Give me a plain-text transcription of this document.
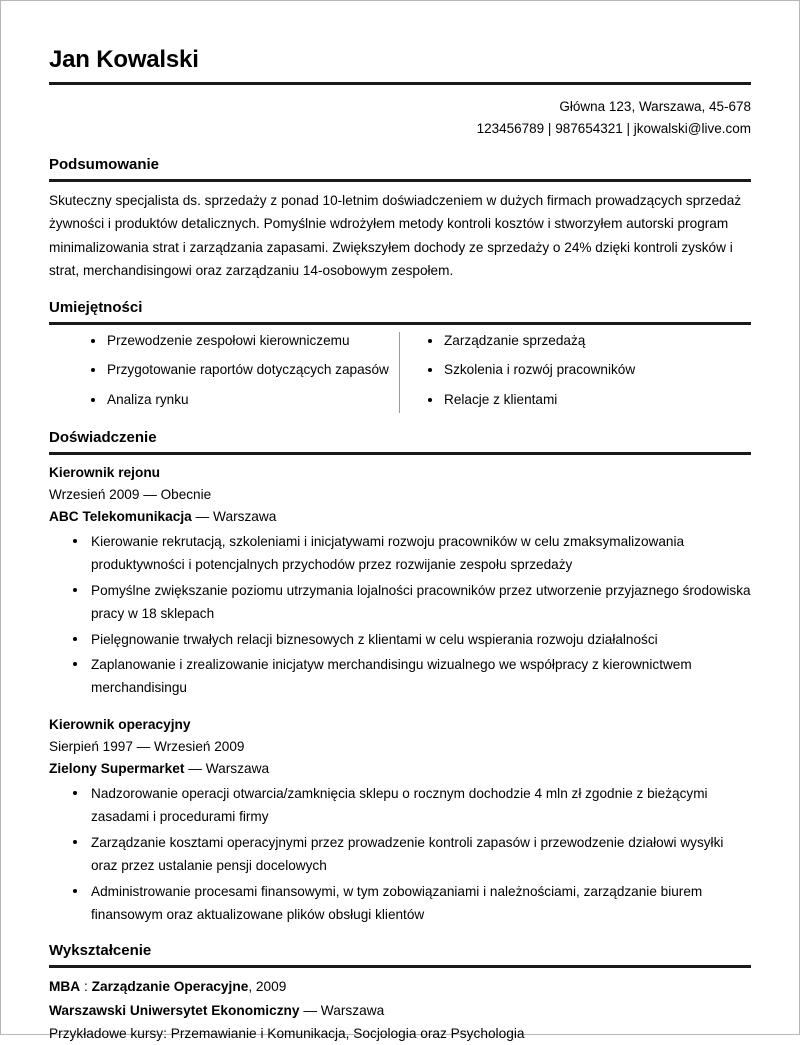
Jan Kowalski
Główna 123, Warszawa, 45-678
123456789 | 987654321 | jkowalski@live.com
Podsumowanie

Skuteczny specjalista ds. sprzedaży z ponad 10-letnim doświadczeniem w dużych firmach prowadzących sprzedaż żywności i produktów detalicznych. Pomyślnie wdrożyłem metody kontroli kosztów i stworzyłem autorski program minimalizowania strat i zarządzania zapasami. Zwiększyłem dochody ze sprzedaży o 24% dzięki kontroli zysków i strat, merchandisingowi oraz zarządzaniu 14-osobowym zespołem.

Umiejętności
Przewodzenie zespołowi kierowniczemu
Przygotowanie raportów dotyczących zapasów
Analiza rynku
Zarządzanie sprzedażą
Szkolenia i rozwój pracowników
Relacje z klientami
Doświadczenie

Kierownik rejonu

Wrzesień 2009 — Obecnie

ABC Telekomunikacja — Warszawa

Kierowanie rekrutacją, szkoleniami i inicjatywami rozwoju pracowników w celu zmaksymalizowania produktywności i potencjalnych przychodów przez rozwijanie zespołu sprzedaży
Pomyślne zwiększanie poziomu utrzymania lojalności pracowników przez utworzenie przyjaznego środowiska pracy w 18 sklepach
Pielęgnowanie trwałych relacji biznesowych z klientami w celu wspierania rozwoju działalności
Zaplanowanie i zrealizowanie inicjatyw merchandisingu wizualnego we współpracy z kierownictwem merchandisingu

Kierownik operacyjny

Sierpień 1997 — Wrzesień 2009

Zielony Supermarket — Warszawa

Nadzorowanie operacji otwarcia/zamknięcia sklepu o rocznym dochodzie 4 mln zł zgodnie z bieżącymi zasadami i procedurami firmy
Zarządzanie kosztami operacyjnymi przez prowadzenie kontroli zapasów i przewodzenie działowi wysyłki oraz przez ustalanie pensji docelowych
Administrowanie procesami finansowymi, w tym zobowiązaniami i należnościami, zarządzanie biurem finansowym oraz aktualizowane plików obsługi klientów
Wykształcenie

MBA : Zarządzanie Operacyjne, 2009

Warszawski Uniwersytet Ekonomiczny — Warszawa

Przykładowe kursy: Przemawianie i Komunikacja, Socjologia oraz Psychologia
